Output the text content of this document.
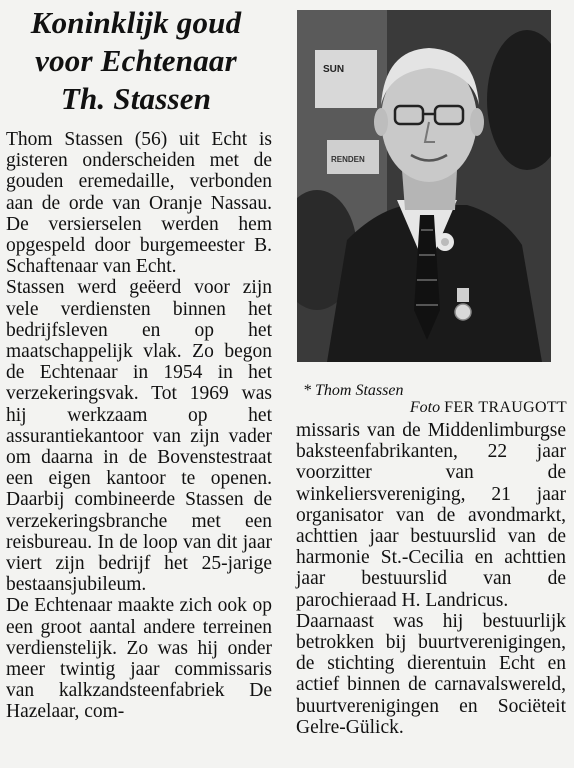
Koninklijk goud
voor Echtenaar
Th. Stassen

Thom Stassen (56) uit Echt is gisteren onderscheiden met de gouden eremedaille, verbonden aan de orde van Oranje Nassau. De versierselen werden hem opgespeld door burgemeester B. Schaftenaar van Echt.

Stassen werd geëerd voor zijn vele verdiensten binnen het bedrijfsleven en op het maatschappelijk vlak. Zo begon de Echtenaar in 1954 in het verzekeringsvak. Tot 1969 was hij werkzaam op het assurantiekantoor van zijn vader om daarna in de Bovenstestraat een eigen kantoor te openen. Daarbij combineerde Stassen de verzekeringsbranche met een reisbureau. In de loop van dit jaar viert zijn bedrijf het 25-jarige bestaansjubileum.

De Echtenaar maakte zich ook op een groot aantal andere terreinen verdienstelijk. Zo was hij onder meer twintig jaar commissaris van kalkzandsteenfabriek De Hazelaar, com-

SUN
RENDEN
* Thom Stassen
Foto FER TRAUGOTT

missaris van de Middenlimburgse baksteenfabrikanten, 22 jaar voorzitter van de winkeliersvereniging, 21 jaar organisator van de avondmarkt, achttien jaar bestuurslid van de harmonie St.-Cecilia en achttien jaar bestuurslid van de parochieraad H. Landricus.

Daarnaast was hij bestuurlijk betrokken bij buurtverenigingen, de stichting dierentuin Echt en actief binnen de carnavalswereld, buurtverenigingen en Sociëteit Gelre-Gülick.
